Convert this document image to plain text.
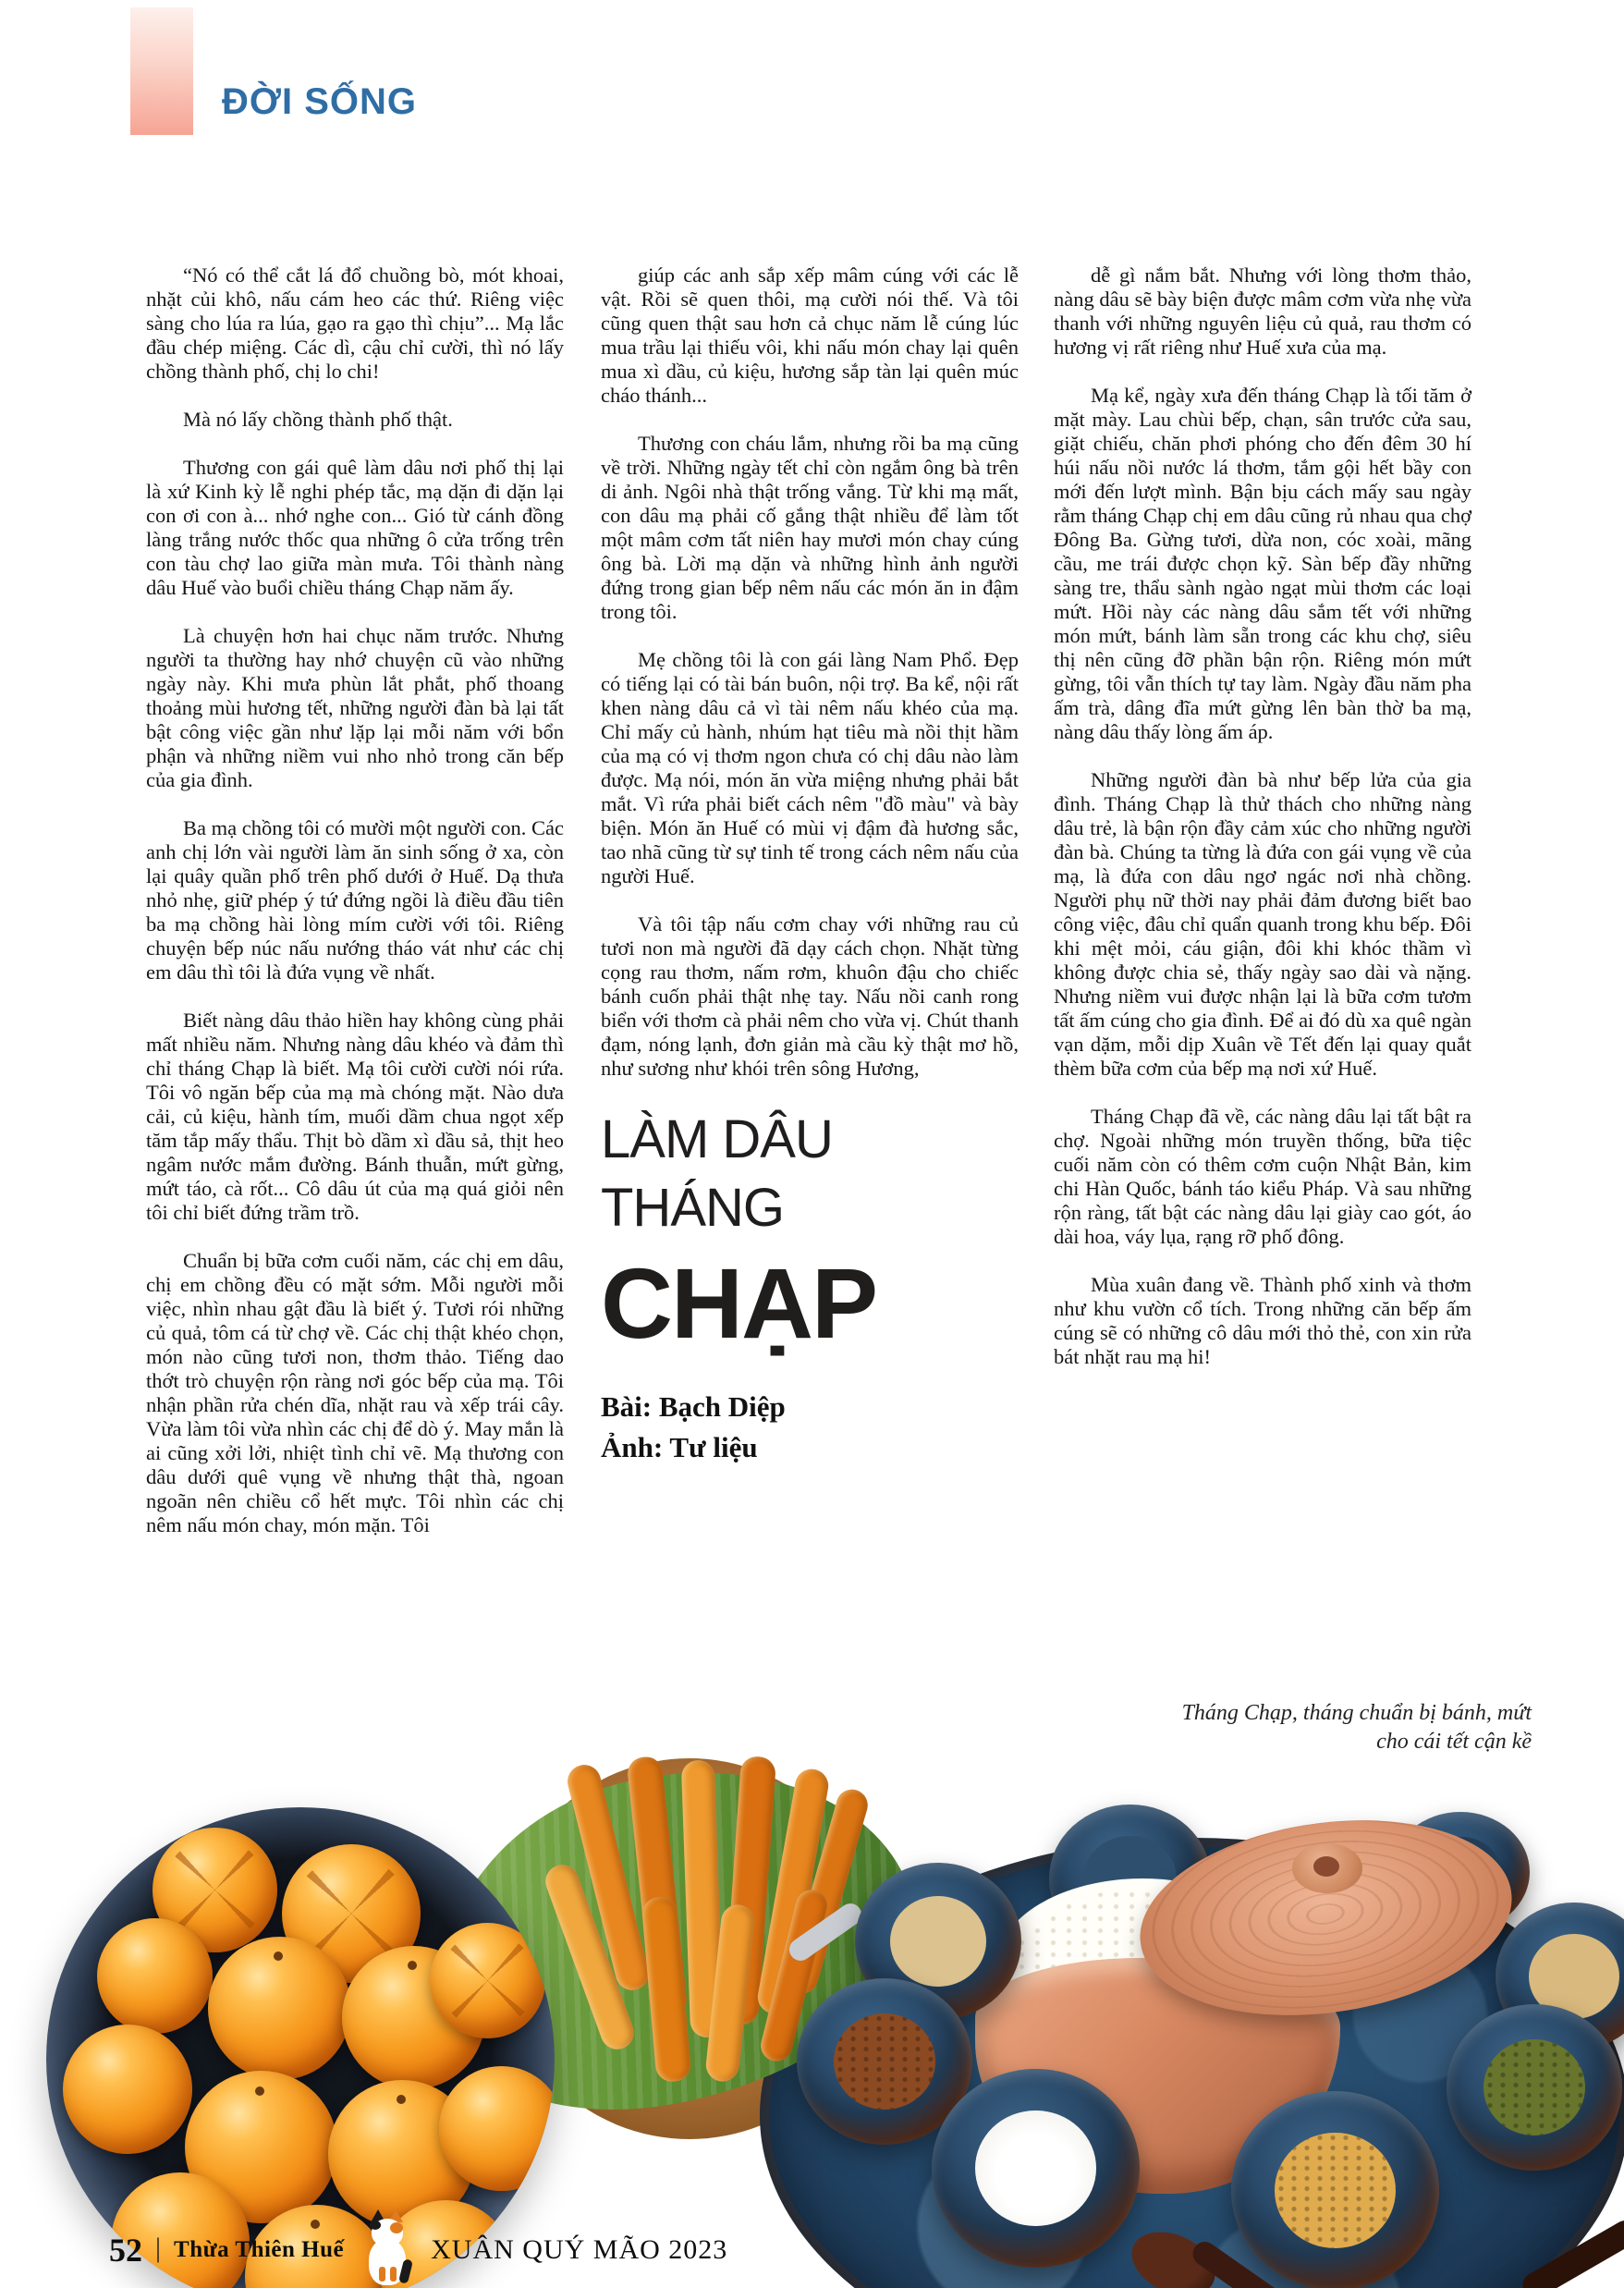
ĐỜI SỐNG

“Nó có thể cắt lá đổ chuồng bò, mót khoai, nhặt củi khô, nấu cám heo các thứ. Riêng việc sàng cho lúa ra lúa, gạo ra gạo thì chịu”... Mạ lắc đầu chép miệng. Các dì, cậu chỉ cười, thì nó lấy chồng thành phố, chị lo chi!

Mà nó lấy chồng thành phố thật.

Thương con gái quê làm dâu nơi phố thị lại là xứ Kinh kỳ lễ nghi phép tắc, mạ dặn đi dặn lại con ơi con à... nhớ nghe con... Gió từ cánh đồng làng trắng nước thốc qua những ô cửa trống trên con tàu chợ lao giữa màn mưa. Tôi thành nàng dâu Huế vào buổi chiều tháng Chạp năm ấy.

Là chuyện hơn hai chục năm trước. Nhưng người ta thường hay nhớ chuyện cũ vào những ngày này. Khi mưa phùn lắt phắt, phố thoang thoảng mùi hương tết, những người đàn bà lại tất bật công việc gần như lặp lại mỗi năm với bổn phận và những niềm vui nho nhỏ trong căn bếp của gia đình.

Ba mạ chồng tôi có mười một người con. Các anh chị lớn vài người làm ăn sinh sống ở xa, còn lại quây quần phố trên phố dưới ở Huế. Dạ thưa nhỏ nhẹ, giữ phép ý tứ đứng ngồi là điều đầu tiên ba mạ chồng hài lòng mím cười với tôi. Riêng chuyện bếp núc nấu nướng tháo vát như các chị em dâu thì tôi là đứa vụng về nhất.

Biết nàng dâu thảo hiền hay không cùng phải mất nhiều năm. Nhưng nàng dâu khéo và đảm thì chỉ tháng Chạp là biết. Mạ tôi cười cười nói rứa. Tôi vô ngăn bếp của mạ mà chóng mặt. Nào dưa cải, củ kiệu, hành tím, muối dầm chua ngọt xếp tăm tắp mấy thẩu. Thịt bò dầm xì dầu sả, thịt heo ngâm nước mắm đường. Bánh thuẫn, mứt gừng, mứt táo, cà rốt... Cô dâu út của mạ quá giỏi nên tôi chỉ biết đứng trầm trồ.

Chuẩn bị bữa cơm cuối năm, các chị em dâu, chị em chồng đều có mặt sớm. Mỗi người mỗi việc, nhìn nhau gật đầu là biết ý. Tươi rói những củ quả, tôm cá từ chợ về. Các chị thật khéo chọn, món nào cũng tươi non, thơm thảo. Tiếng dao thớt trò chuyện rộn ràng nơi góc bếp của mạ. Tôi nhận phần rửa chén dĩa, nhặt rau và xếp trái cây. Vừa làm tôi vừa nhìn các chị để dò ý. May mắn là ai cũng xởi lởi, nhiệt tình chỉ vẽ. Mạ thương con dâu dưới quê vụng về nhưng thật thà, ngoan ngoãn nên chiều cổ hết mực. Tôi nhìn các chị nêm nấu món chay, món mặn. Tôi

giúp các anh sắp xếp mâm cúng với các lễ vật. Rồi sẽ quen thôi, mạ cười nói thế. Và tôi cũng quen thật sau hơn cả chục năm lễ cúng lúc mua trầu lại thiếu vôi, khi nấu món chay lại quên mua xì dầu, củ kiệu, hương sắp tàn lại quên múc cháo thánh...

Thương con cháu lắm, nhưng rồi ba mạ cũng về trời. Những ngày tết chỉ còn ngắm ông bà trên di ảnh. Ngôi nhà thật trống vắng. Từ khi mạ mất, con dâu mạ phải cố gắng thật nhiều để làm tốt một mâm cơm tất niên hay mươi món chay cúng ông bà. Lời mạ dặn và những hình ảnh người đứng trong gian bếp nêm nấu các món ăn in đậm trong tôi.

Mẹ chồng tôi là con gái làng Nam Phổ. Đẹp có tiếng lại có tài bán buôn, nội trợ. Ba kể, nội rất khen nàng dâu cả vì tài nêm nấu khéo của mạ. Chỉ mấy củ hành, nhúm hạt tiêu mà nồi thịt hầm của mạ có vị thơm ngon chưa có chị dâu nào làm được. Mạ nói, món ăn vừa miệng nhưng phải bắt mắt. Vì rứa phải biết cách nêm "đồ màu" và bày biện. Món ăn Huế có mùi vị đậm đà hương sắc, tao nhã cũng từ sự tinh tế trong cách nêm nấu của người Huế.

Và tôi tập nấu cơm chay với những rau củ tươi non mà người đã dạy cách chọn. Nhặt từng cọng rau thơm, nấm rơm, khuôn đậu cho chiếc bánh cuốn phải thật nhẹ tay. Nấu nồi canh rong biển với thơm cà phải nêm cho vừa vị. Chút thanh đạm, nóng lạnh, đơn giản mà cầu kỳ thật mơ hồ, như sương như khói trên sông Hương,

dễ gì nắm bắt. Nhưng với lòng thơm thảo, nàng dâu sẽ bày biện được mâm cơm vừa nhẹ vừa thanh với những nguyên liệu củ quả, rau thơm có hương vị rất riêng như Huế xưa của mạ.

Mạ kể, ngày xưa đến tháng Chạp là tối tăm ở mặt mày. Lau chùi bếp, chạn, sân trước cửa sau, giặt chiếu, chăn phơi phóng cho đến đêm 30 hí húi nấu nồi nước lá thơm, tắm gội hết bầy con mới đến lượt mình. Bận bịu cách mấy sau ngày rằm tháng Chạp chị em dâu cũng rủ nhau qua chợ Đông Ba. Gừng tươi, dừa non, cóc xoài, mãng cầu, me trái được chọn kỹ. Sàn bếp đầy những sàng tre, thẩu sành ngào ngạt mùi thơm các loại mứt. Hồi này các nàng dâu sắm tết với những món mứt, bánh làm sẵn trong các khu chợ, siêu thị nên cũng đỡ phần bận rộn. Riêng món mứt gừng, tôi vẫn thích tự tay làm. Ngày đầu năm pha ấm trà, dâng đĩa mứt gừng lên bàn thờ ba mạ, nàng dâu thấy lòng ấm áp.

Những người đàn bà như bếp lửa của gia đình. Tháng Chạp là thử thách cho những nàng dâu trẻ, là bận rộn đầy cảm xúc cho những người đàn bà. Chúng ta từng là đứa con gái vụng về của mạ, là đứa con dâu ngơ ngác nơi nhà chồng. Người phụ nữ thời nay phải đảm đương biết bao công việc, đâu chỉ quẩn quanh trong khu bếp. Đôi khi mệt mỏi, cáu giận, đôi khi khóc thầm vì không được chia sẻ, thấy ngày sao dài và nặng. Nhưng niềm vui được nhận lại là bữa cơm tươm tất ấm cúng cho gia đình. Để ai đó dù xa quê ngàn vạn dặm, mỗi dịp Xuân về Tết đến lại quay quắt thèm bữa cơm của bếp mạ nơi xứ Huế.

Tháng Chạp đã về, các nàng dâu lại tất bật ra chợ. Ngoài những món truyền thống, bữa tiệc cuối năm còn có thêm cơm cuộn Nhật Bản, kim chi Hàn Quốc, bánh táo kiểu Pháp. Và sau những rộn ràng, tất bật các nàng dâu lại giày cao gót, áo dài hoa, váy lụa, rạng rỡ phố đông.

Mùa xuân đang về. Thành phố xinh và thơm như khu vườn cổ tích. Trong những căn bếp ấm cúng sẽ có những cô dâu mới thỏ thẻ, con xin rửa bát nhặt rau mạ hi!

LÀM DÂU
THÁNG
CHẠP
Bài: Bạch Diệp
Ảnh: Tư liệu
Tháng Chạp, tháng chuẩn bị bánh, mứt
cho cái tết cận kề
52 | Thừa Thiên Huế	XUÂN QUÝ MÃO 2023
